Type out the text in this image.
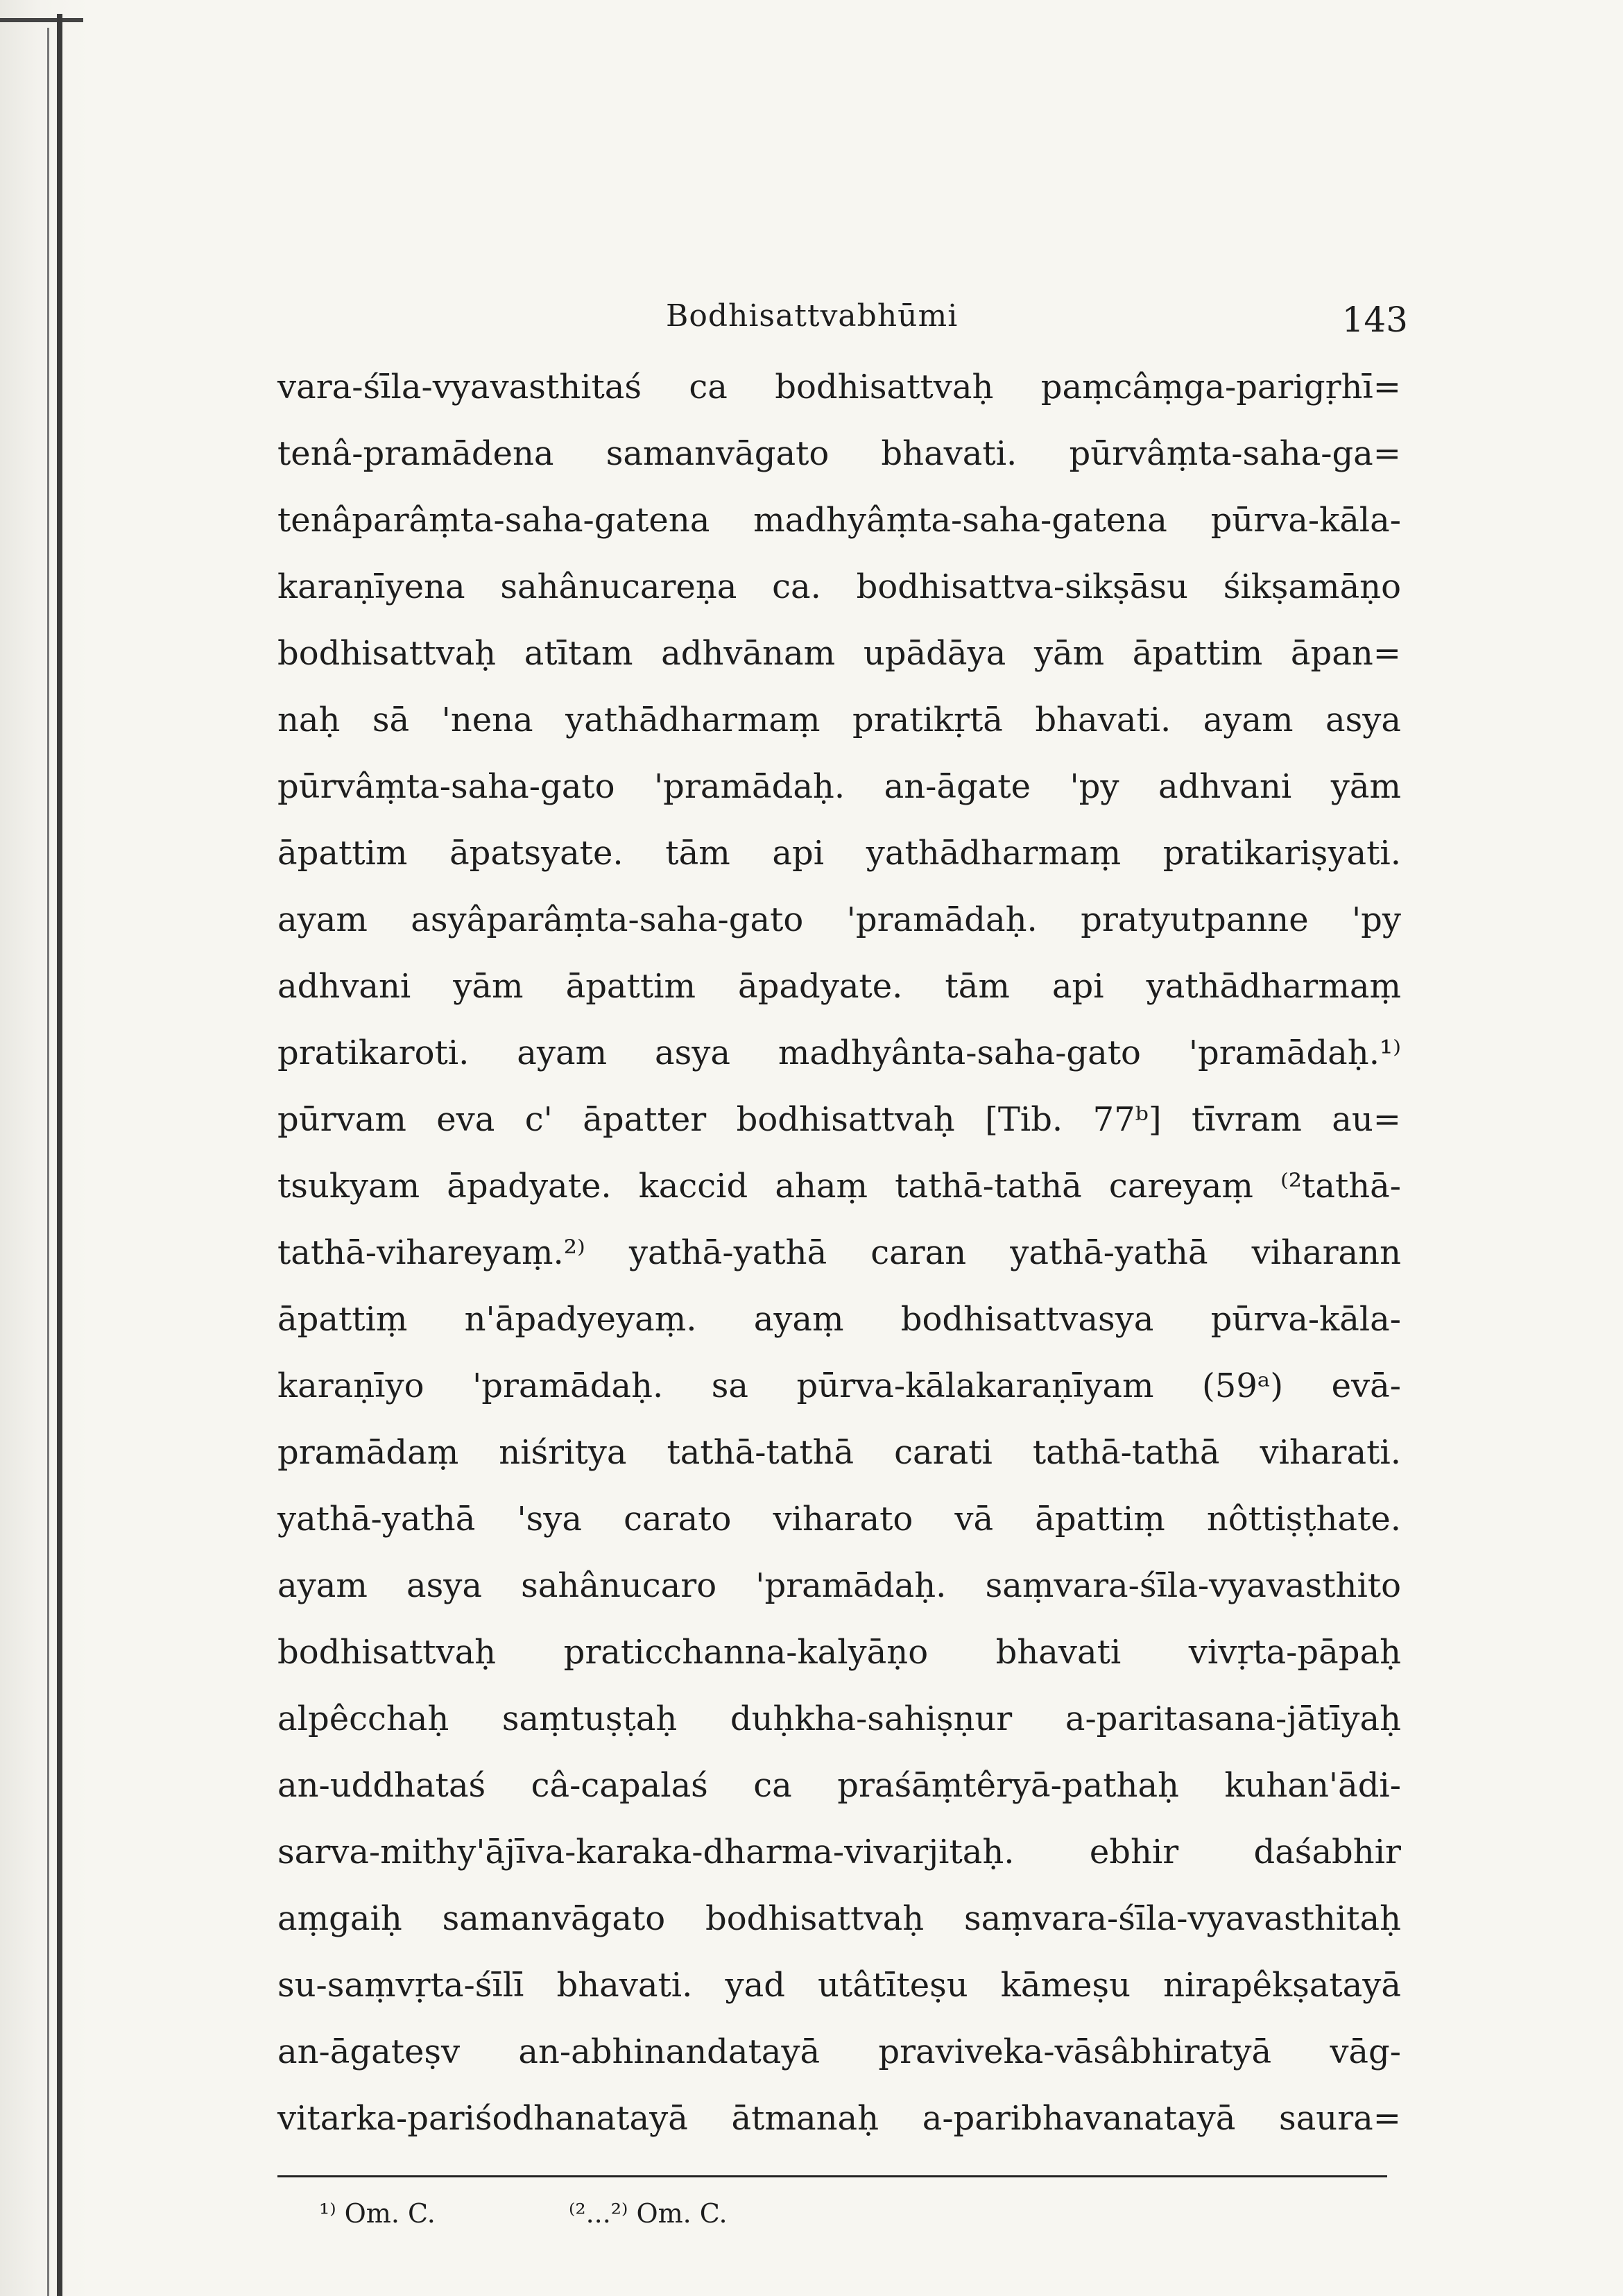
Bodhisattvabhūmi	143
vara-śīla-vyavasthitaś ca bodhisattvaḥ paṃcâṃga-parigṛhī=
tenâ-pramādena samanvāgato bhavati. pūrvâṃta-saha-ga=
tenâparâṃta-saha-gatena madhyâṃta-saha-gatena pūrva-kāla-
karaṇīyena sahânucareṇa ca. bodhisattva-sikṣāsu śikṣamāṇo
bodhisattvaḥ atītam adhvānam upādāya yām āpattim āpan=
naḥ sā 'nena yathādharmaṃ pratikṛtā bhavati. ayam asya
pūrvâṃta-saha-gato 'pramādaḥ. an-āgate 'py adhvani yām
āpattim āpatsyate. tām api yathādharmaṃ pratikariṣyati.
ayam asyâparâṃta-saha-gato 'pramādaḥ. pratyutpanne 'py
adhvani yām āpattim āpadyate. tām api yathādharmaṃ
pratikaroti. ayam asya madhyânta-saha-gato 'pramādaḥ.¹⁾
pūrvam eva c' āpatter bodhisattvaḥ [Tib. 77ᵇ] tīvram au=
tsukyam āpadyate. kaccid ahaṃ tathā-tathā careyaṃ ⁽²tathā-
tathā-vihareyaṃ.²⁾ yathā-yathā caran yathā-yathā viharann
āpattiṃ n'āpadyeyaṃ. ayaṃ bodhisattvasya pūrva-kāla-
karaṇīyo 'pramādaḥ. sa pūrva-kālakaraṇīyam (59ᵃ) evā-
pramādaṃ niśritya tathā-tathā carati tathā-tathā viharati.
yathā-yathā 'sya carato viharato vā āpattiṃ nôttiṣṭhate.
ayam asya sahânucaro 'pramādaḥ. saṃvara-śīla-vyavasthito
bodhisattvaḥ praticchanna-kalyāṇo bhavati vivṛta-pāpaḥ
alpêcchaḥ saṃtuṣṭaḥ duḥkha-sahiṣṇur a-paritasana-jātīyaḥ
an-uddhataś câ-capalaś ca praśāṃtêryā-pathaḥ kuhan'ādi-
sarva-mithy'ājīva-karaka-dharma-vivarjitaḥ. ebhir daśabhir
aṃgaiḥ samanvāgato bodhisattvaḥ saṃvara-śīla-vyavasthitaḥ
su-saṃvṛta-śīlī bhavati. yad utâtīteṣu kāmeṣu nirapêkṣatayā
an-āgateṣv an-abhinandatayā praviveka-vāsâbhiratyā vāg-
vitarka-pariśodhanatayā ātmanaḥ a-paribhavanatayā saura=
¹⁾ Om. C.	⁽²...²⁾ Om. C.
